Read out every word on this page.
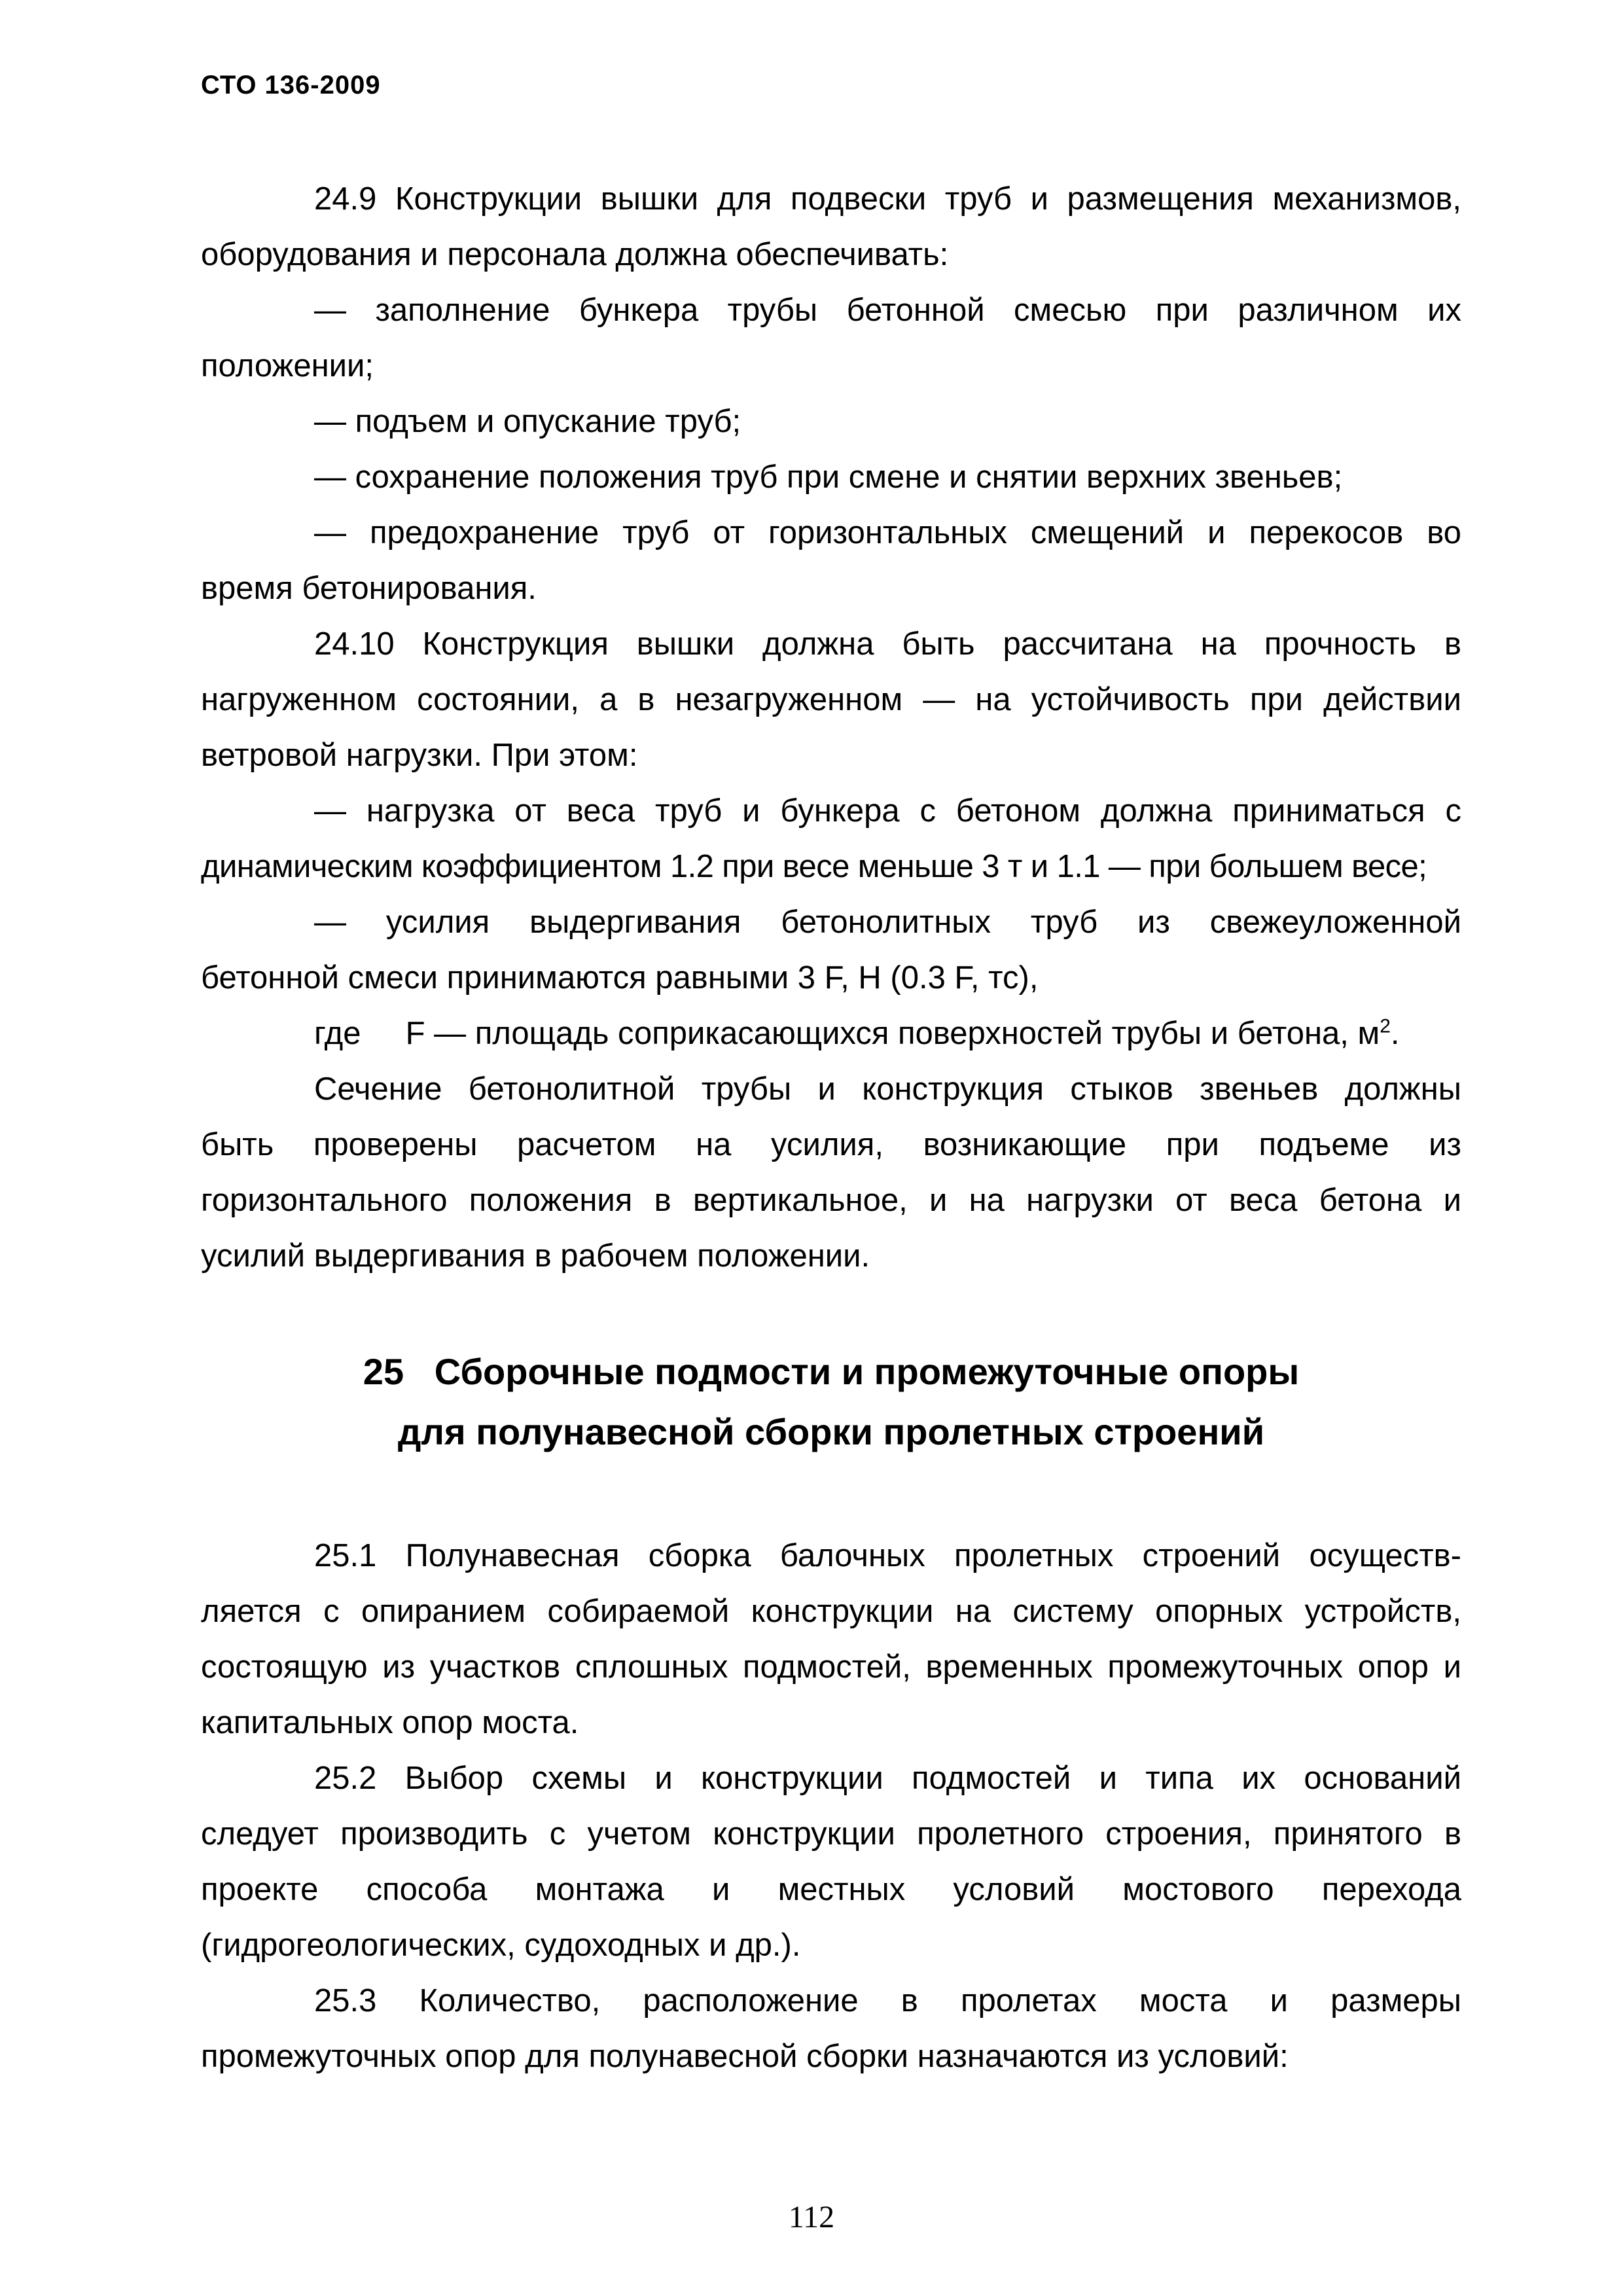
СТО 136-2009
24.9 Конструкции вышки для подвески труб и размещения механизмов,
оборудования и персонала должна обеспечивать:
— заполнение бункера трубы бетонной смесью при различном их
положении;
— подъем и опускание труб;
— сохранение положения труб при смене и снятии верхних звеньев;
— предохранение труб от горизонтальных смещений и перекосов во
время бетонирования.
24.10 Конструкция вышки должна быть рассчитана на прочность в
нагруженном состоянии, а в незагруженном — на устойчивость при действии
ветровой нагрузки. При этом:
— нагрузка от веса труб и бункера с бетоном должна приниматься с
динамическим коэффициентом 1.2 при весе меньше 3 т и 1.1 — при большем весе;
— усилия выдергивания бетонолитных труб из свежеуложенной
бетонной смеси принимаются равными 3 F, Н (0.3 F, тс),
где     F — площадь соприкасающихся поверхностей трубы и бетона, $м^2$.
Сечение бетонолитной трубы и конструкция стыков звеньев должны
быть проверены расчетом на усилия, возникающие при подъеме из
горизонтального положения в вертикальное, и на нагрузки от веса бетона и
усилий выдергивания в рабочем положении.
25   Сборочные подмости и промежуточные опоры
для полунавесной сборки пролетных строений
25.1 Полунавесная сборка балочных пролетных строений осуществ-
ляется с опиранием собираемой конструкции на систему опорных устройств,
состоящую из участков сплошных подмостей, временных промежуточных опор и
капитальных опор моста.
25.2 Выбор схемы и конструкции подмостей и типа их оснований
следует производить с учетом конструкции пролетного строения, принятого в
проекте способа монтажа и местных условий мостового перехода
(гидрогеологических, судоходных и др.).
25.3 Количество, расположение в пролетах моста и размеры
промежуточных опор для полунавесной сборки назначаются из условий:
112
